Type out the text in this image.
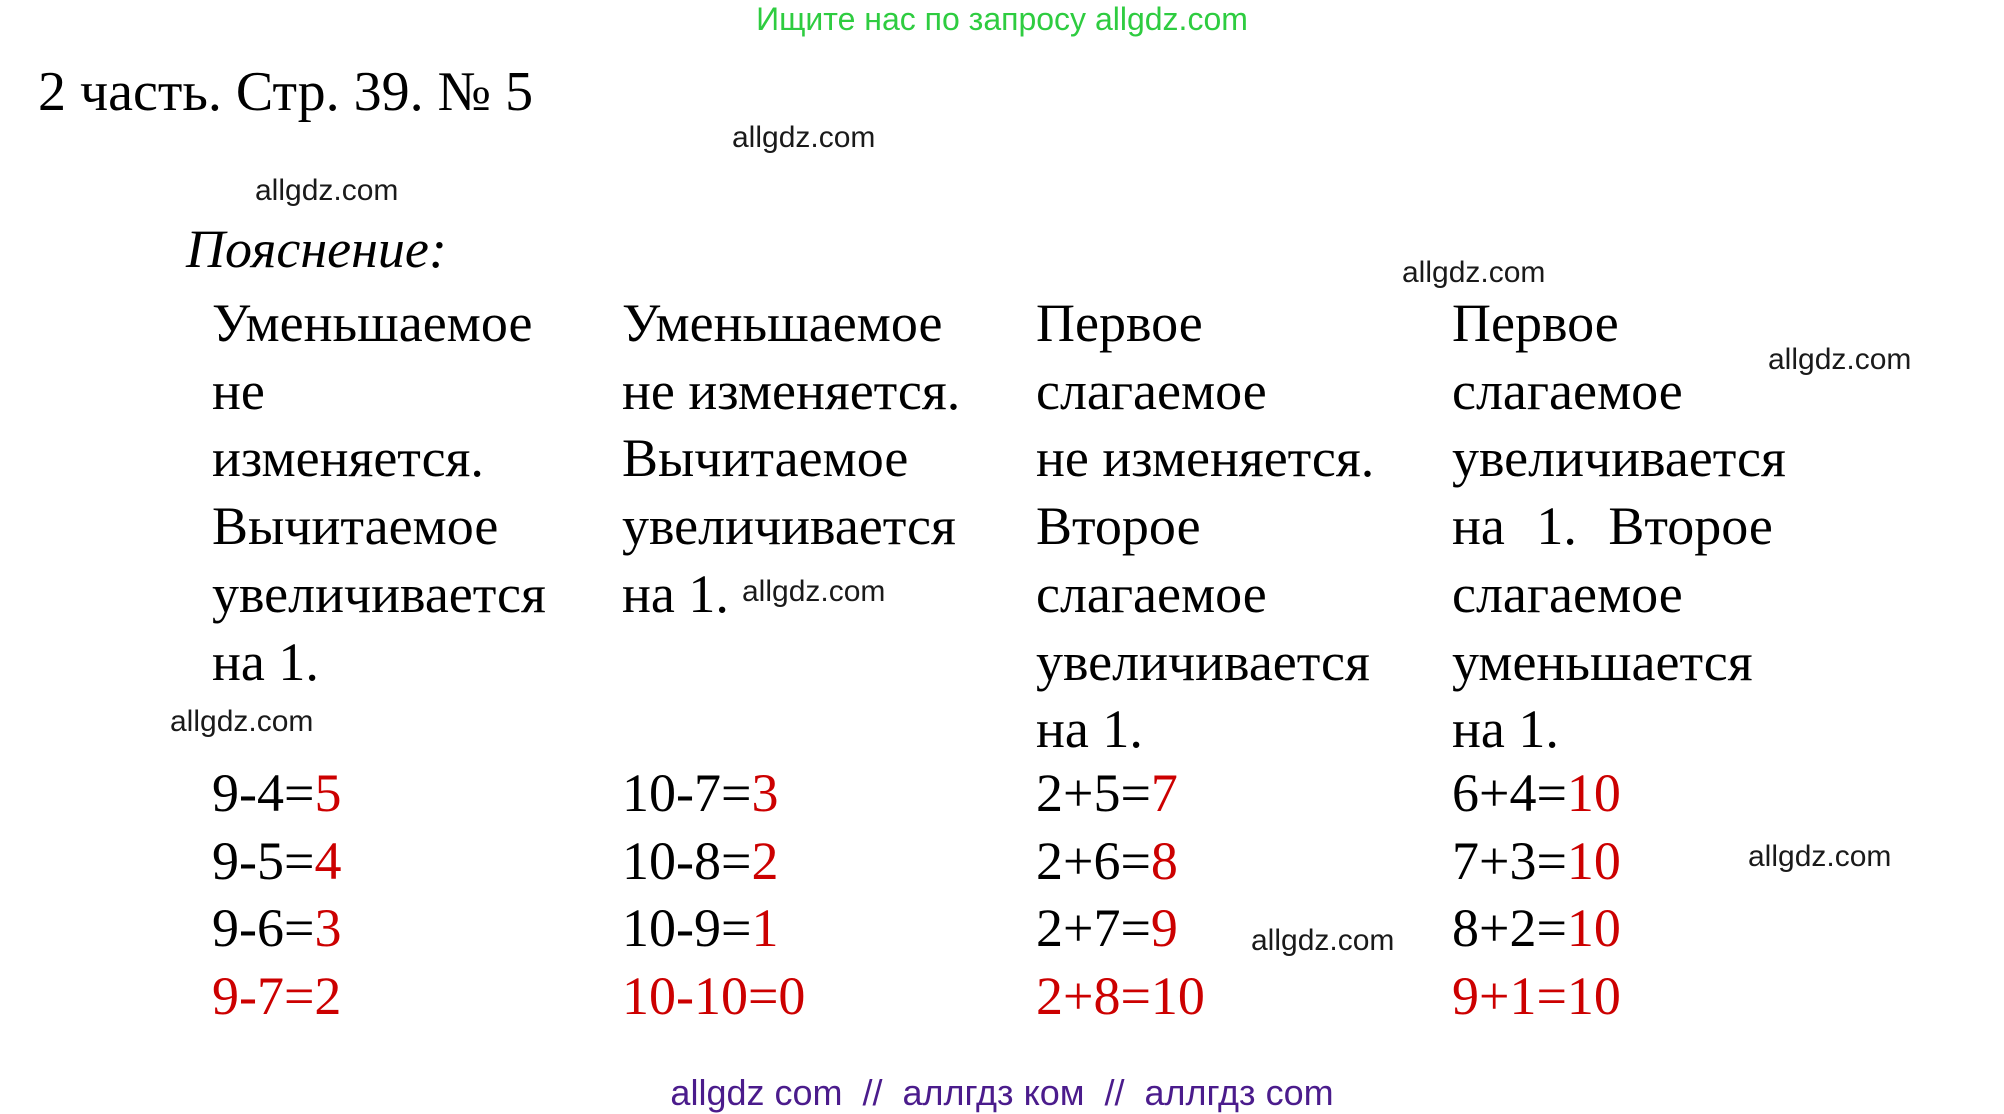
Ищите нас по запросу allgdz.com
2 часть. Стр. 39. № 5
allgdz.com
allgdz.com
Пояснение:	allgdz.com
allgdz.com
Уменьшаемое
не
изменяется.
Вычитаемое
увеличивается
на 1.
Уменьшаемое
не изменяется.
Вычитаемое
увеличивается
на 1.
Первое
слагаемое
не изменяется.
Второе
слагаемое
увеличивается
на 1.
Первое
слагаемое
увеличивается
на 1. Второе
слагаемое
уменьшается
на 1.
allgdz.com
allgdz.com
9-4=5
9-5=4
9-6=3
9-7=2
10-7=3
10-8=2
10-9=1
10-10=0
2+5=7
2+6=8
2+7=9
2+8=10
6+4=10
7+3=10
8+2=10
9+1=10
allgdz.com
allgdz.com
allgdz com  //  аллгдз ком  //  аллгдз com
